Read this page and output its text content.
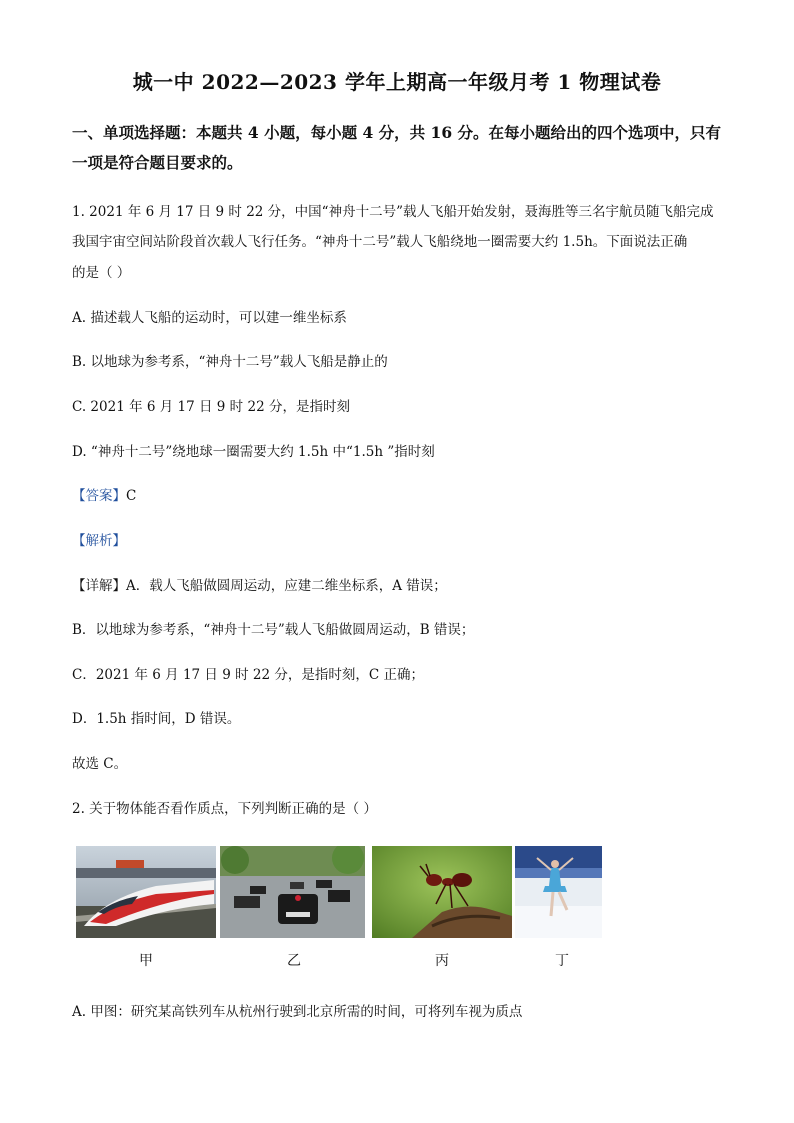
城一中 2022—2023 学年上期高一年级月考 1 物理试卷
一、单项选择题：本题共 4 小题，每小题 4 分，共 16 分。在每小题给出的四个选项中，只有
一项是符合题目要求的。
1. 2021 年 6 月 17 日 9 时 22 分，中国“神舟十二号”载人飞船开始发射，聂海胜等三名宇航员随飞船完成
我国宇宙空间站阶段首次载人飞行任务。“神舟十二号”载人飞船绕地一圈需要大约 1.5h。下面说法正确
的是（ ）
A. 描述载人飞船的运动时，可以建一维坐标系
B. 以地球为参考系，“神舟十二号”载人飞船是静止的
C. 2021 年 6 月 17 日 9 时 22 分，是指时刻
D. “神舟十二号”绕地球一圈需要大约 1.5h 中“1.5h ”指时刻
【答案】C
【解析】
【详解】A．载人飞船做圆周运动，应建二维坐标系，A 错误；
B．以地球为参考系，“神舟十二号”载人飞船做圆周运动，B 错误；
C．2021 年 6 月 17 日 9 时 22 分，是指时刻，C 正确；
D．1.5h 指时间，D 错误。
故选 C。
2. 关于物体能否看作质点，下列判断正确的是（ ）
甲	乙	丙	丁
A. 甲图：研究某高铁列车从杭州行驶到北京所需的时间，可将列车视为质点
